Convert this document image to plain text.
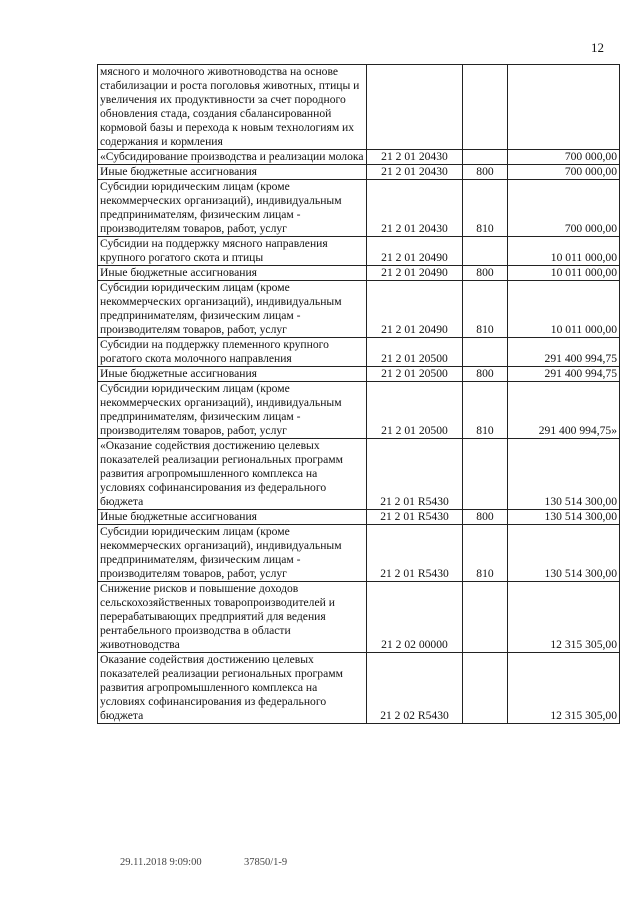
12
мясного и молочного животноводства на основе стабилизации и роста поголовья животных, птицы и увеличения их продуктивности за счет породного обновления стада, создания сбалансированной кормовой базы и перехода к новым технологиям их содержания и кормления			
«Субсидирование производства и реализации молока	21 2 01 20430		700 000,00
Иные бюджетные ассигнования	21 2 01 20430	800	700 000,00
Субсидии юридическим лицам (кроме некоммерческих организаций), индивидуальным предпринимателям, физическим лицам - производителям товаров, работ, услуг	21 2 01 20430	810	700 000,00
Субсидии на поддержку мясного направления крупного рогатого скота и птицы	21 2 01 20490		10 011 000,00
Иные бюджетные ассигнования	21 2 01 20490	800	10 011 000,00
Субсидии юридическим лицам (кроме некоммерческих организаций), индивидуальным предпринимателям, физическим лицам - производителям товаров, работ, услуг	21 2 01 20490	810	10 011 000,00
Субсидии на поддержку племенного крупного рогатого скота молочного направления	21 2 01 20500		291 400 994,75
Иные бюджетные ассигнования	21 2 01 20500	800	291 400 994,75
Субсидии юридическим лицам (кроме некоммерческих организаций), индивидуальным предпринимателям, физическим лицам - производителям товаров, работ, услуг	21 2 01 20500	810	291 400 994,75»
«Оказание содействия достижению целевых показателей реализации региональных программ развития агропромышленного комплекса на условиях софинансирования из федерального бюджета	21 2 01 R5430		130 514 300,00
Иные бюджетные ассигнования	21 2 01 R5430	800	130 514 300,00
Субсидии юридическим лицам (кроме некоммерческих организаций), индивидуальным предпринимателям, физическим лицам - производителям товаров, работ, услуг	21 2 01 R5430	810	130 514 300,00
Снижение рисков и повышение доходов сельскохозяйственных товаропроизводителей и перерабатывающих предприятий для ведения рентабельного производства в области животноводства	21 2 02 00000		12 315 305,00
Оказание содействия достижению целевых показателей реализации региональных программ развития агропромышленного комплекса на условиях софинансирования из федерального бюджета	21 2 02 R5430		12 315 305,00
29.11.2018 9:09:00	37850/1-9
